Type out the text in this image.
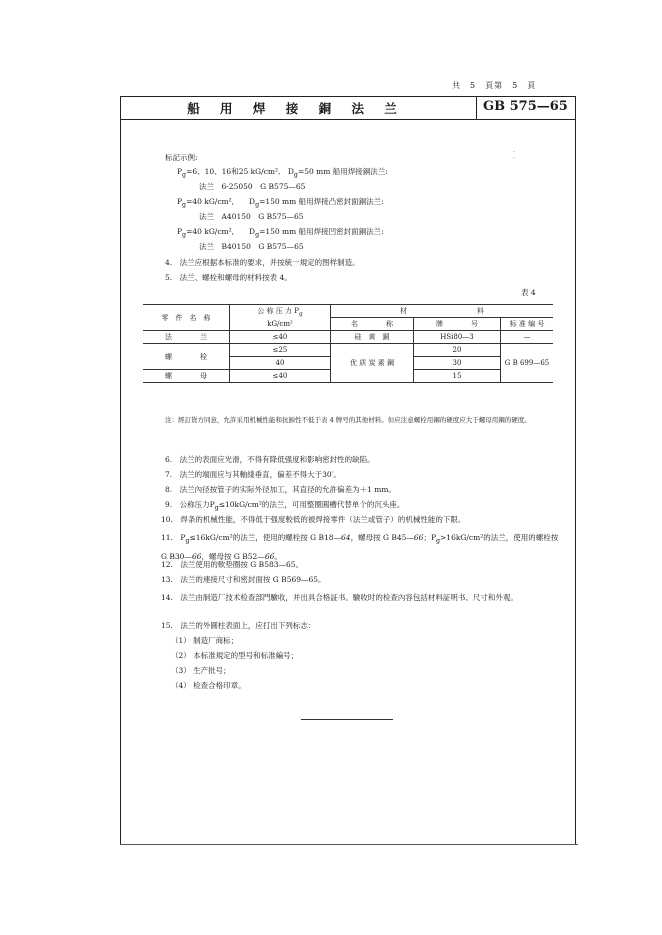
共　5　頁第　5　頁
船 用 焊 接 銅 法 兰	GB 575—65
标記示例:
$P_g=6$、10、16和25 kG/cm²,　$D_g=50$ mm 船用焊接銅法兰:
法兰　6-25050　G B575—65
$P_g=40$ kG/cm²,　　$D_g=150$ mm 船用焊接凸密封面銅法兰:
法兰　A40150　G B575—65
$P_g=40$ kG/cm²,　　$D_g=150$ mm 船用焊接凹密封面銅法兰:
法兰　B40150　G B575—65
4.　法兰应根据本标准的要求，并按統一規定的图样制造。
5.　法兰、螺栓和螺母的材料按表 4。
表 4
零　件　名　称	公 称 压 力 $P_g$	材　　　　　　　　　　料		
	kG/cm²	名　　　　称	牌　　　　号	标 准 编 号
法　　　　兰	≤40	硅　黄　銅	HSi80—3	—
螺　　　　栓	≤25	优 质 炭 素 鋼	20	G B 699—65
	40		30	
螺　　　　母	≤40		15	
注：經訂貨方同意，允許采用机械性能和抗蝕性不低于表 4 牌号的其他材料。但应注意螺栓用鋼的硬度应大于螺母用鋼的硬度。
6.　法兰的表面应光滑，不得有降低强度和影响密封性的缺陷。
7.　法兰的端面应与其軸綫垂直，偏差不得大于30′。
8.　法兰內径按管子的实际外径加工，其直径的允許偏差为＋1 mm。
9.　公称压力$P_g\le 10kG$/cm²的法兰，可用整圈圓槽代替单个的沉头座。
10.　焊条的机械性能，不得低于强度較低的被焊接零件（法兰或管子）的机械性能的下限。
11.　$P_g\le 16kG$/cm²的法兰，使用的螺栓按 G B18—64，螺母按 G B45—66；$P_g>16kG$/cm²的法兰，使用的螺栓按 G B30—66，螺母按 G B52—66。
12.　法兰使用的軟垫圈按 G B583—65。
13.　法兰的連接尺寸和密封面按 G B569—65。
14.　法兰由制造厂技术检查部門驗收，并出具合格証书。驗收时的检查內容包括材料証明书、尺寸和外观。
15.　法兰的外圓柱表面上，应打出下列标志：
（1） 制造厂商标；
（2） 本标准規定的型号和标准編号；
（3） 生产批号；
（4） 检查合格印章。
·
·
